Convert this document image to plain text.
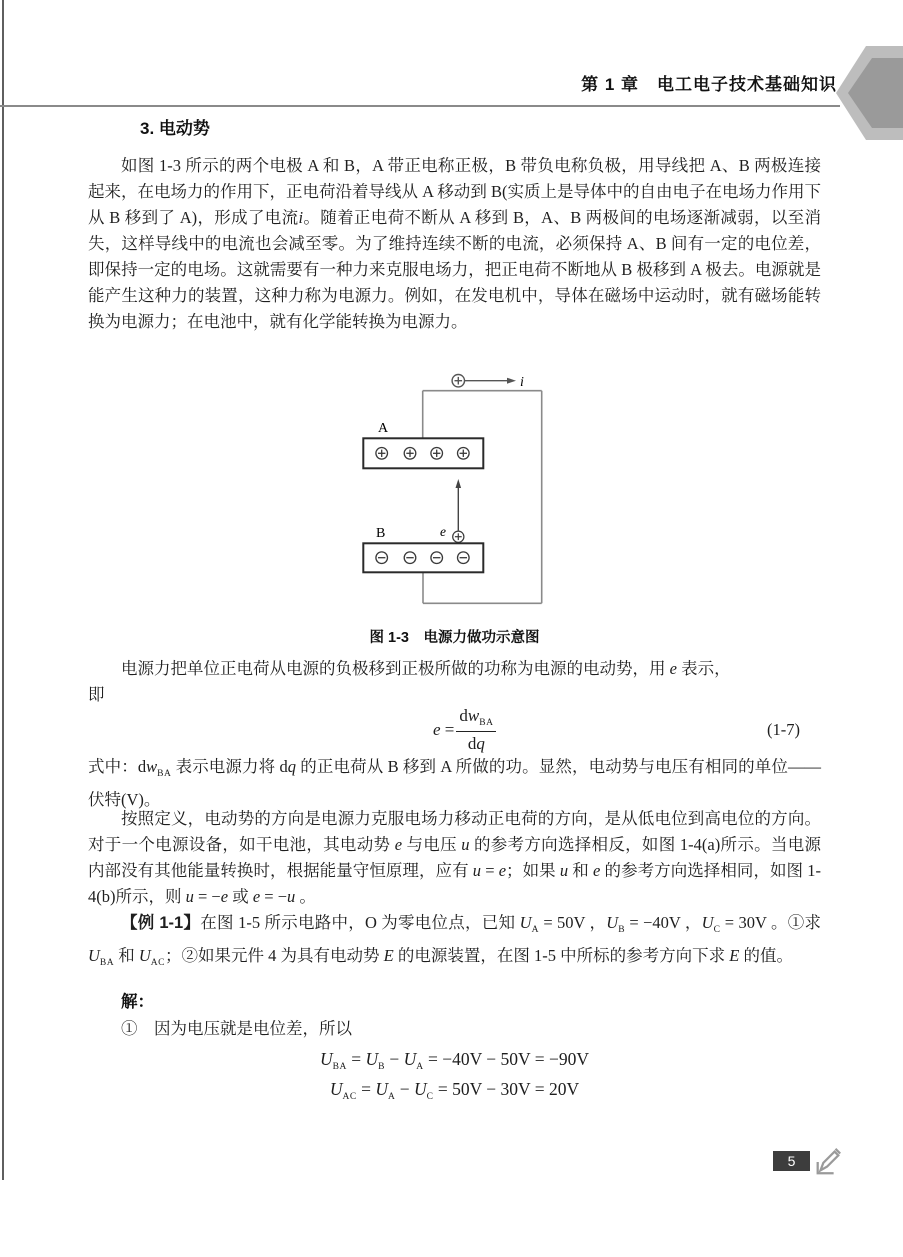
第 1 章　电工电子技术基础知识
3. 电动势
如图 1-3 所示的两个电极 A 和 B，A 带正电称正极，B 带负电称负极，用导线把 A、B 两极连接起来，在电场力的作用下，正电荷沿着导线从 A 移动到 B(实质上是导体中的自由电子在电场力作用下从 B 移到了 A)，形成了电流i。随着正电荷不断从 A 移到 B，A、B 两极间的电场逐渐减弱，以至消失，这样导线中的电流也会减至零。为了维持连续不断的电流，必须保持 A、B 间有一定的电位差，即保持一定的电场。这就需要有一种力来克服电场力，把正电荷不断地从 B 极移到 A 极去。电源就是能产生这种力的装置，这种力称为电源力。例如，在发电机中，导体在磁场中运动时，就有磁场能转换为电源力；在电池中，就有化学能转换为电源力。
i
A
e
B
图 1-3　电源力做功示意图
电源力把单位正电荷从电源的负极移到正极所做的功称为电源的电动势，用 e 表示，
即
$e = \frac{dw_{BA}}{dq}$	(1-7)
式中：$dw_{BA}$ 表示电源力将 dq 的正电荷从 B 移到 A 所做的功。显然，电动势与电压有相同的单位——伏特(V)。
按照定义，电动势的方向是电源力克服电场力移动正电荷的方向，是从低电位到高电位的方向。对于一个电源设备，如干电池，其电动势 e 与电压 u 的参考方向选择相反，如图 1-4(a)所示。当电源内部没有其他能量转换时，根据能量守恒原理，应有 u = e；如果 u 和 e 的参考方向选择相同，如图 1-4(b)所示，则 u = −e 或 e = −u 。
【例 1-1】在图 1-5 所示电路中，O 为零电位点，已知 $U_A = 50V$ ，$U_B = -40V$ ，$U_C = 30V$ 。①求 $U_{BA}$ 和 $U_{AC}$；②如果元件 4 为具有电动势 E 的电源装置，在图 1-5 中所标的参考方向下求 E 的值。
解：
①　因为电压就是电位差，所以
$U_{BA} = U_B - U_A = -40V - 50V = -90V$
$U_{AC} = U_A - U_C = 50V - 30V = 20V$
5
